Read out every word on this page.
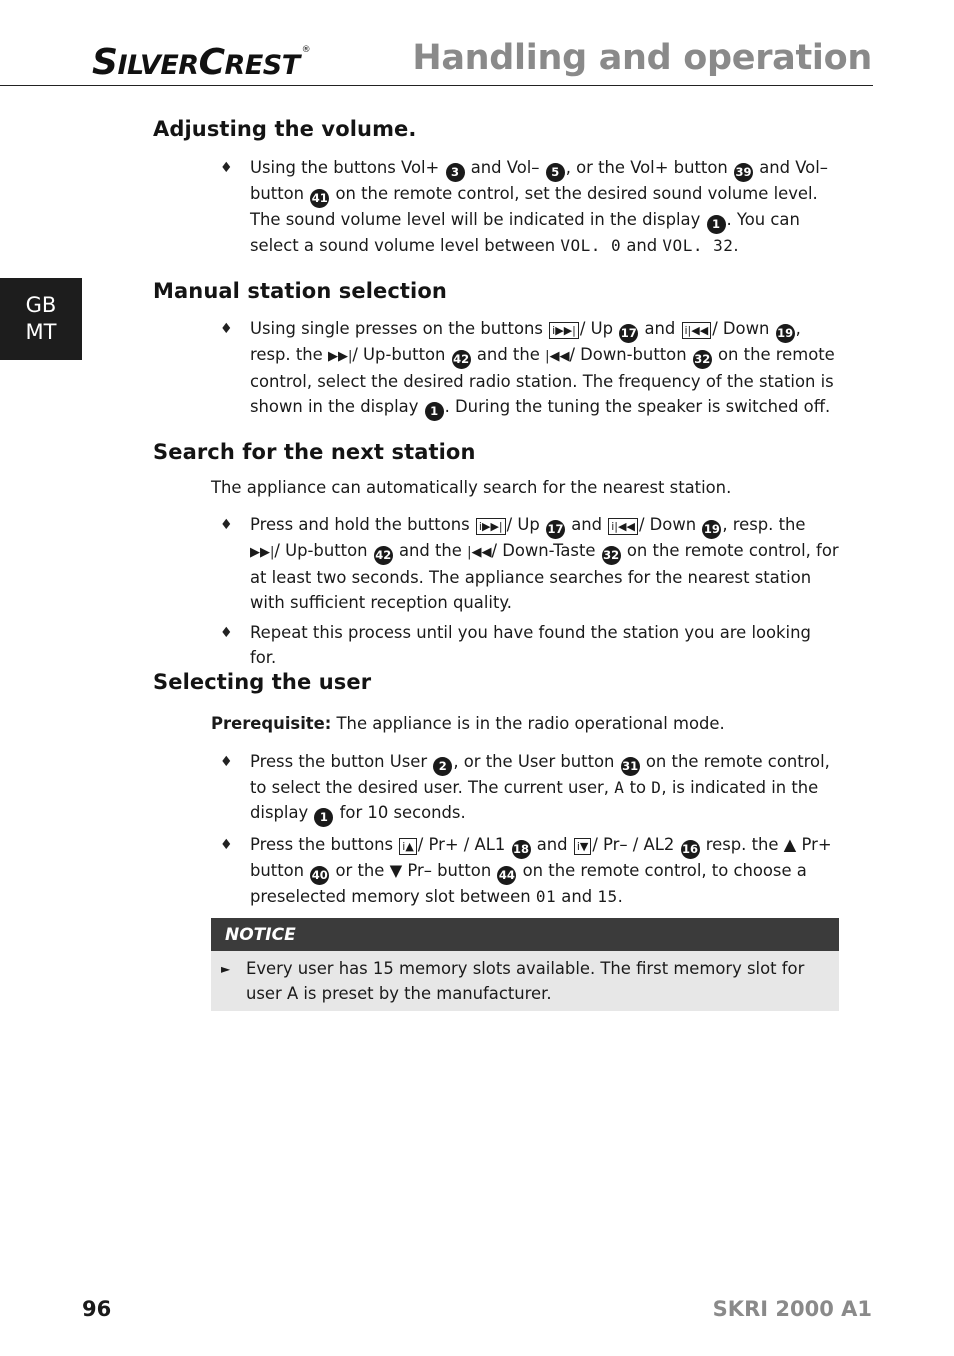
SILVERCREST ®	Handling and operation
GB
MT
Adjusting the volume.
♦ Using the buttons Vol+ 3 and Vol– 5 , or the Vol+ button 39 and Vol– button 41 on the remote control, set the desired sound volume level. The sound volume level will be indicated in the display 1 . You can select a sound volume level between VOL. 0 and VOL. 32.
Manual station selection
♦ Using single presses on the buttons i▶▶| / Up 17 and i|◀◀ / Down 19 , resp. the ▶▶|/ Up-button 42 and the |◀◀/ Down-button 32 on the remote control, select the desired radio station. The frequency of the station is shown in the display 1 . During the tuning the speaker is switched off.
Search for the next station

The appliance can automatically search for the nearest station.

♦ Press and hold the buttons i▶▶| / Up 17 and i|◀◀ / Down 19 , resp. the ▶▶|/ Up-button 42 and the |◀◀/ Down-Taste 32 on the remote control, for at least two seconds. The appliance searches for the nearest station with sufficient reception quality.
♦ Repeat this process until you have found the station you are looking for.
Selecting the user

Prerequisite: The appliance is in the radio operational mode.

♦ Press the button User 2 , or the User button 31 on the remote control, to select the desired user. The current user, A to D, is indicated in the display 1 for 10 seconds.
♦ Press the buttons i▲ / Pr+ / AL1 18 and i▼ / Pr– / AL2 16 resp. the ▲ Pr+ button 40 or the ▼ Pr– button 44 on the remote control, to choose a preselected memory slot between 01 and 15.
NOTICE
► Every user has 15 memory slots available. The first memory slot for user A is preset by the manufacturer.
96	SKRI 2000 A1
